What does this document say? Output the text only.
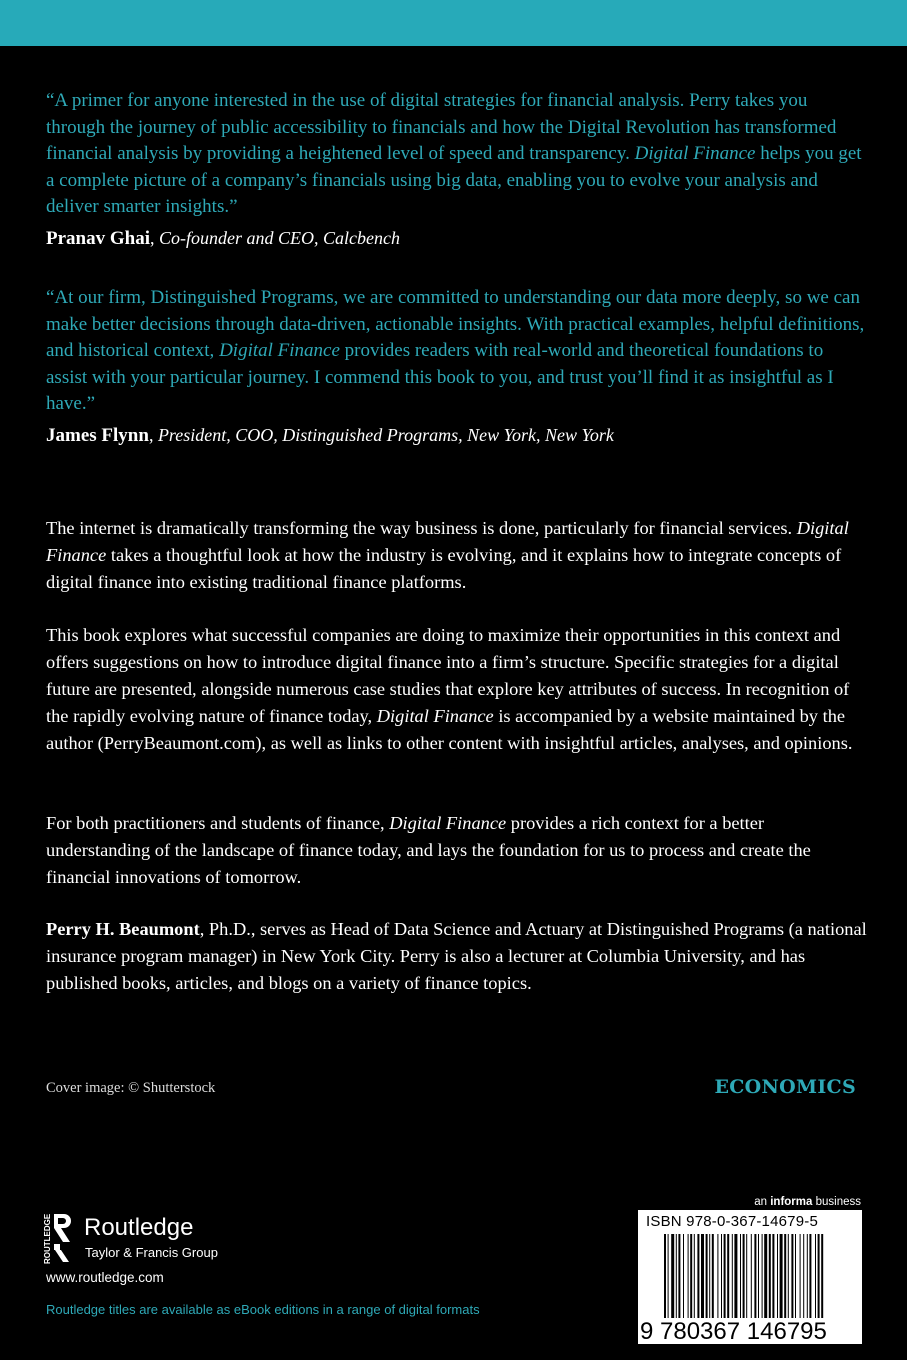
“A primer for anyone interested in the use of digital strategies for financial analysis. Perry takes you through the journey of public accessibility to financials and how the Digital Revolution has transformed financial analysis by providing a heightened level of speed and transparency. Digital Finance helps you get a complete picture of a company’s financials using big data, enabling you to evolve your analysis and deliver smarter insights.”
Pranav Ghai, Co-founder and CEO, Calcbench
“At our firm, Distinguished Programs, we are committed to understanding our data more deeply, so we can make better decisions through data-driven, actionable insights. With practical examples, helpful definitions, and historical context, Digital Finance provides readers with real-world and theoretical foundations to assist with your particular journey. I commend this book to you, and trust you’ll find it as insightful as I have.”
James Flynn, President, COO, Distinguished Programs, New York, New York
The internet is dramatically transforming the way business is done, particularly for financial services. Digital Finance takes a thoughtful look at how the industry is evolving, and it explains how to integrate concepts of digital finance into existing traditional finance platforms.
This book explores what successful companies are doing to maximize their opportunities in this context and offers suggestions on how to introduce digital finance into a firm’s structure. Specific strategies for a digital future are presented, alongside numerous case studies that explore key attributes of success. In recognition of the rapidly evolving nature of finance today, Digital Finance is accompanied by a website maintained by the author (PerryBeaumont.com), as well as links to other content with insightful articles, analyses, and opinions.
For both practitioners and students of finance, Digital Finance provides a rich context for a better understanding of the landscape of finance today, and lays the foundation for us to process and create the financial innovations of tomorrow.
Perry H. Beaumont, Ph.D., serves as Head of Data Science and Actuary at Distinguished Programs (a national insurance program manager) in New York City. Perry is also a lecturer at Columbia University, and has published books, articles, and blogs on a variety of finance topics.
Cover image: © Shutterstock	ECONOMICS
ROUTLEDGE Routledge
Taylor & Francis Group
www.routledge.com
Routledge titles are available as eBook editions in a range of digital formats
an informa business
ISBN 978-0-367-14679-5
9 780367 146795
